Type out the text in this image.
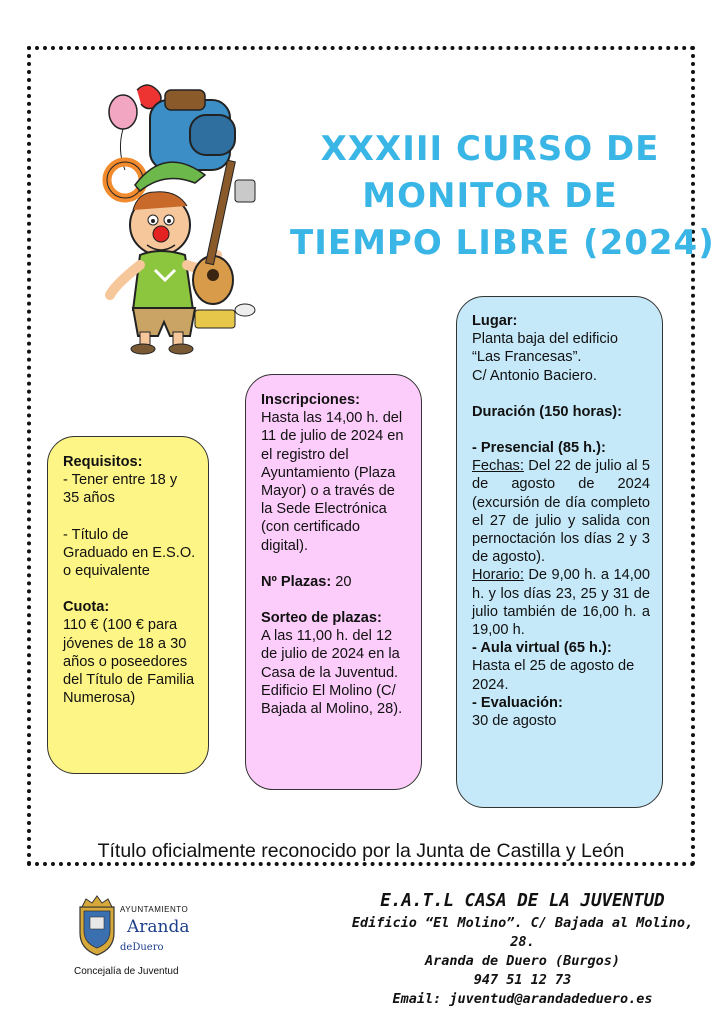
XXXIII CURSO DE
MONITOR DE
TIEMPO LIBRE (2024)

Requisitos:

- Tener entre 18 y 35 años

- Título de Graduado en E.S.O. o equivalente

Cuota:

110 € (100 € para jóvenes de 18 a 30 años o poseedores del Título de Familia Numerosa)

Inscripciones:

Hasta las 14,00 h. del 11 de julio de 2024 en el registro del Ayuntamiento (Plaza Mayor) o a través de la Sede Electrónica (con certificado digital).

Nº Plazas: 20

Sorteo de plazas:

A las 11,00 h. del 12 de julio de 2024 en la Casa de la Juventud. Edificio El Molino (C/ Bajada al Molino, 28).

Lugar:

Planta baja del edificio “Las Francesas”.

C/ Antonio Baciero.

Duración (150 horas):

- Presencial (85 h.):

Fechas: Del 22 de julio al 5 de agosto de 2024 (excursión de día completo el 27 de julio y salida con pernoctación los días 2 y 3 de agosto).

Horario: De 9,00 h. a 14,00 h. y los días 23, 25 y 31 de julio también de 16,00 h. a 19,00 h.

- Aula virtual (65 h.):

Hasta el 25 de agosto de 2024.

- Evaluación:

30 de agosto

Título oficialmente reconocido por la Junta de Castilla y León
AYUNTAMIENTO
Aranda
deDuero
Concejalía de Juventud
E.A.T.L CASA DE LA JUVENTUD
Edificio “El Molino”. C/ Bajada al Molino, 28.
Aranda de Duero (Burgos)
947 51 12 73
Email: juventud@arandadeduero.es
